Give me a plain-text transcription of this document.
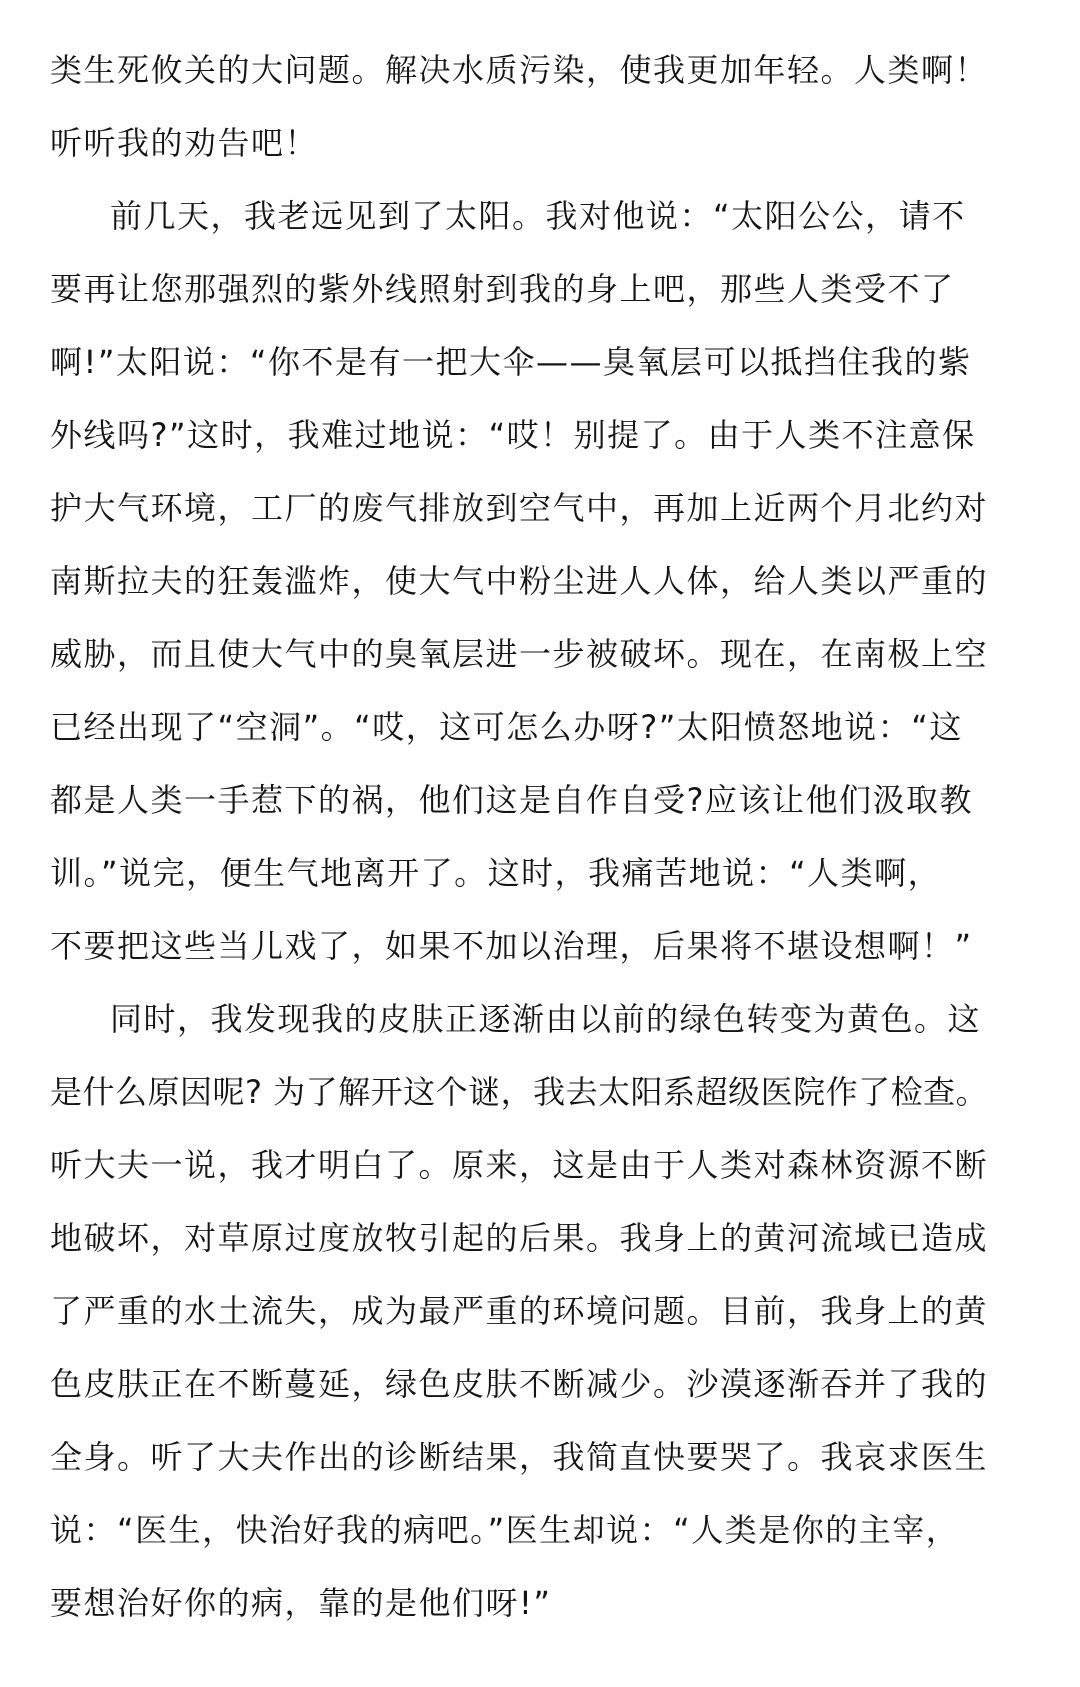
类生死攸关的大问题。解决水质污染，使我更加年轻。人类啊！
听听我的劝告吧！
前几天，我老远见到了太阳。我对他说：“太阳公公，请不
要再让您那强烈的紫外线照射到我的身上吧，那些人类受不了
啊!”太阳说：“你不是有一把大伞——臭氧层可以抵挡住我的紫
外线吗?”这时，我难过地说：“哎！别提了。由于人类不注意保
护大气环境，工厂的废气排放到空气中，再加上近两个月北约对
南斯拉夫的狂轰滥炸，使大气中粉尘进人人体，给人类以严重的
威胁，而且使大气中的臭氧层进一步被破坏。现在，在南极上空
已经出现了“空洞”。“哎，这可怎么办呀?”太阳愤怒地说：“这
都是人类一手惹下的祸，他们这是自作自受?应该让他们汲取教
训。”说完，便生气地离开了。这时，我痛苦地说：“人类啊，
不要把这些当儿戏了，如果不加以治理，后果将不堪设想啊！”
同时，我发现我的皮肤正逐渐由以前的绿色转变为黄色。这
是什么原因呢? 为了解开这个谜，我去太阳系超级医院作了检查。
听大夫一说，我才明白了。原来，这是由于人类对森林资源不断
地破坏，对草原过度放牧引起的后果。我身上的黄河流域已造成
了严重的水土流失，成为最严重的环境问题。目前，我身上的黄
色皮肤正在不断蔓延，绿色皮肤不断减少。沙漠逐渐吞并了我的
全身。听了大夫作出的诊断结果，我简直快要哭了。我哀求医生
说：“医生，快治好我的病吧。”医生却说：“人类是你的主宰，
要想治好你的病，靠的是他们呀!”
